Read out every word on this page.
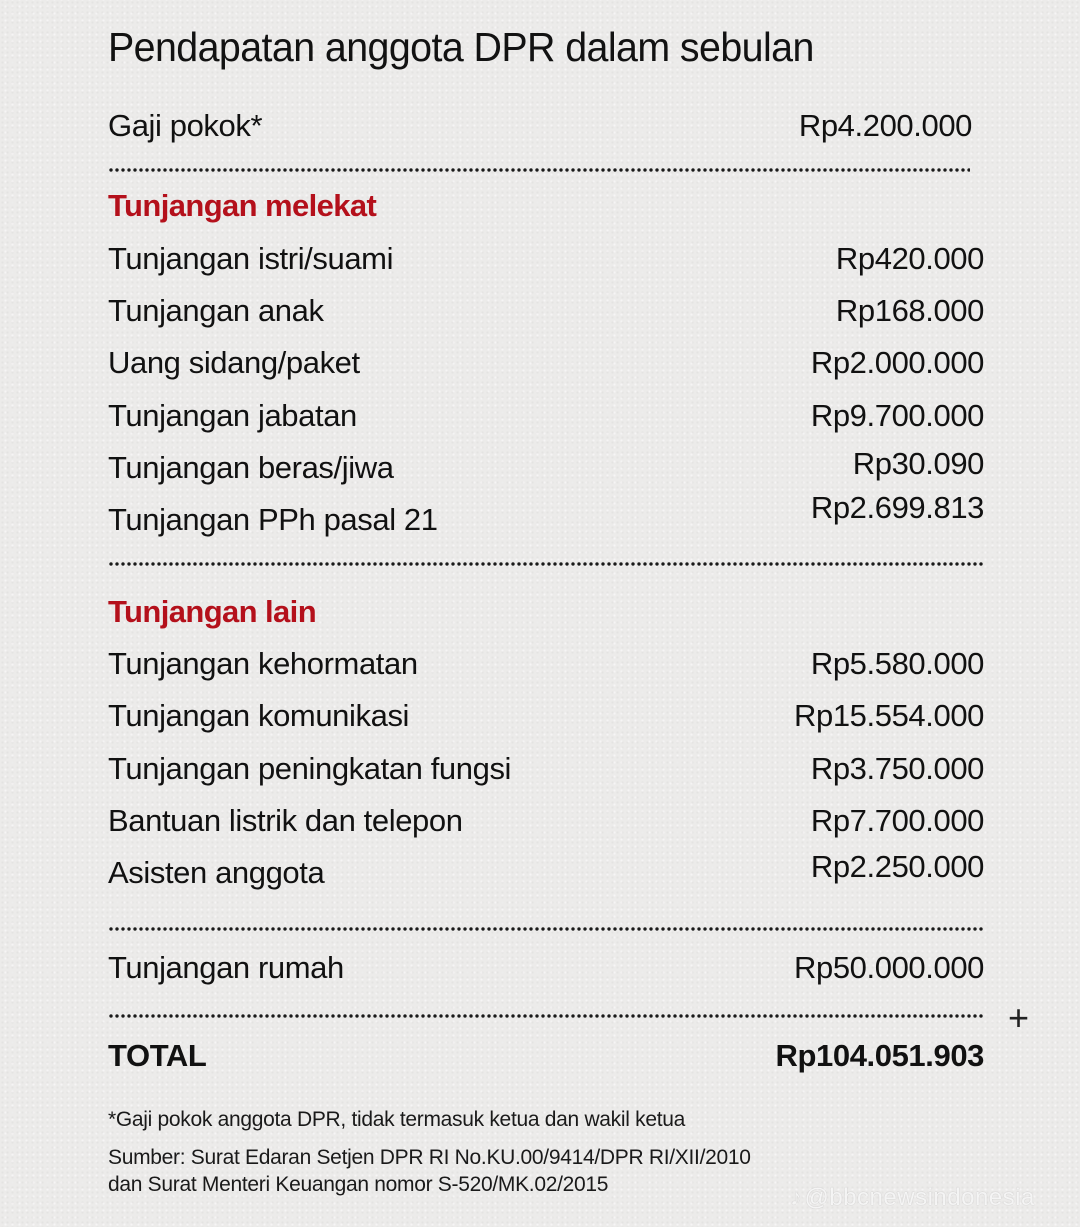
Pendapatan anggota DPR dalam sebulan
Gaji pokok*	Rp4.200.000
Tunjangan melekat
Tunjangan istri/suami	Rp420.000
Tunjangan anak	Rp168.000
Uang sidang/paket	Rp2.000.000
Tunjangan jabatan	Rp9.700.000
Tunjangan beras/jiwa	Rp30.090
Tunjangan PPh pasal 21	Rp2.699.813
Tunjangan lain
Tunjangan kehormatan	Rp5.580.000
Tunjangan komunikasi	Rp15.554.000
Tunjangan peningkatan fungsi	Rp3.750.000
Bantuan listrik dan telepon	Rp7.700.000
Asisten anggota	Rp2.250.000
Tunjangan rumah	Rp50.000.000
+
TOTAL	Rp104.051.903
*Gaji pokok anggota DPR, tidak termasuk ketua dan wakil ketua
Sumber: Surat Edaran Setjen DPR RI No.KU.00/9414/DPR RI/XII/2010
dan Surat Menteri Keuangan nomor S-520/MK.02/2015	♪@bbcnewsindonesia
